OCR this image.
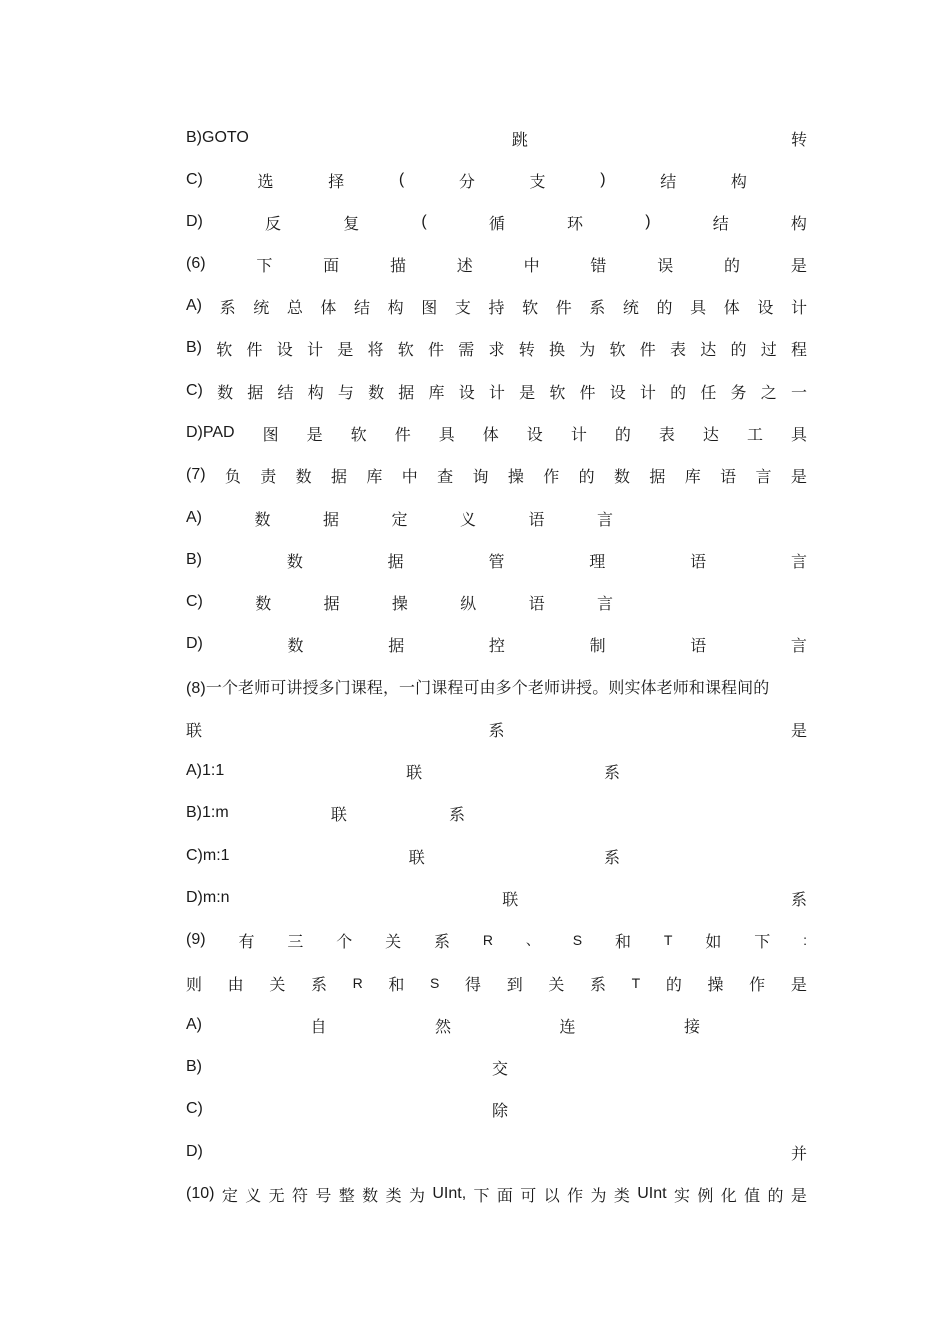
B)GOTO	跳	转
C)	选	择	(	分	支	)	结	构
D)	反	复	(	循	环	)	结	构
(6)	下	面	描	述	中	错	误	的	是
A) 系 统 总 体 结 构 图 支 持 软 件 系 统 的 具 体 设 计
B) 软 件 设 计 是 将 软 件 需 求 转 换 为 软 件 表 达 的 过 程
C) 数 据 结 构 与 数 据 库 设 计 是 软 件 设 计 的 任 务 之 一
D)PAD 图 是 软 件 具 体 设 计 的 表 达 工 具
(7) 负 责 数 据 库 中 查 询 操 作 的 数 据 库 语 言 是
A)	数	据	定	义	语	言
B)	数	据	管	理	语	言
C)	数	据	操	纵	语	言
D)	数	据	控	制	语	言
(8)一个老师可讲授多门课程，一门课程可由多个老师讲授。则实体老师和课程间的
联	系	是
A)1:1	联	系
B)1:m	联	系
C)m:1	联	系
D)m:n	联	系
(9) 有 三 个 关 系 R 、 S 和 T 如 下 :
则 由 关 系 R 和 S 得 到 关 系 T 的 操 作 是
A)	自	然	连	接
B)	交
C)	除
D)	并
(10) 定 义 无 符 号 整 数 类 为 UInt, 下 面 可 以 作 为 类 UInt 实 例 化 值 的 是
